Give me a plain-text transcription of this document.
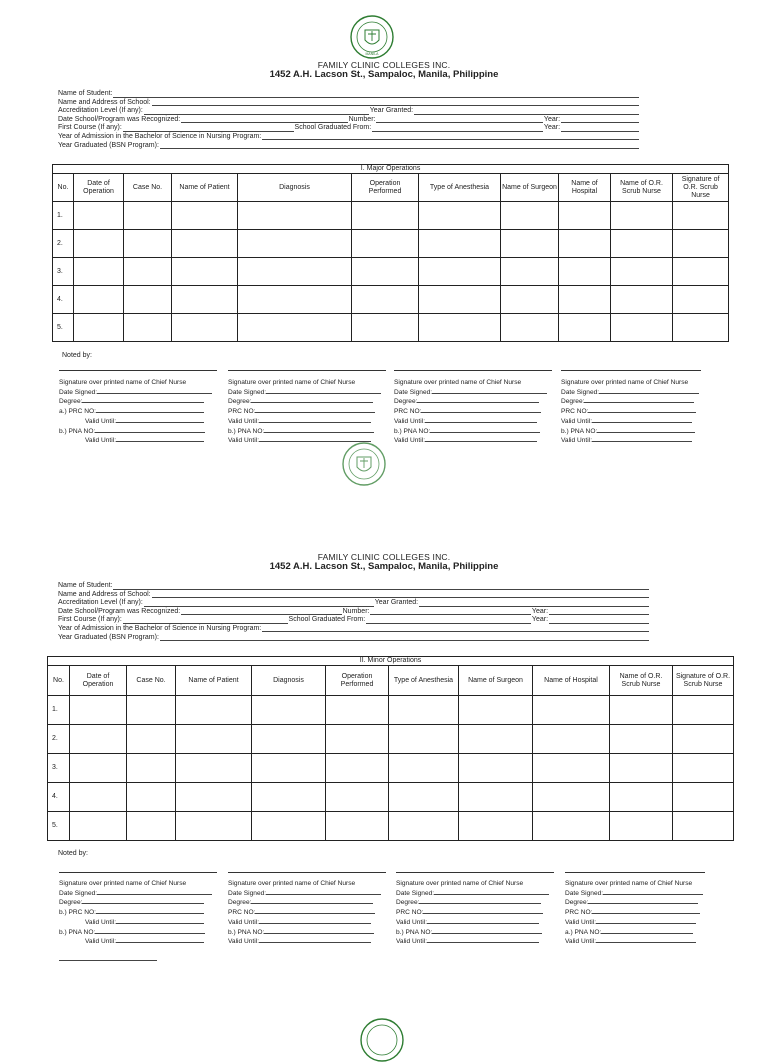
MANILA
FAMILY CLINIC COLLEGES INC.
1452 A.H. Lacson St., Sampaloc, Manila, Philippine
Name of Student:
Name and Address of School:
Accreditation Level (If any):	Year Granted:
Date School/Program was Recognized:	Number:	Year:
First Course (If any):	School Graduated From:	Year:
Year of Admission in the Bachelor of Science in Nursing Program:
Year Graduated (BSN Program):
I. Major Operations										
No.	Date of Operation	Case No.	Name of Patient	Diagnosis	Operation Performed	Type of Anesthesia	Name of Surgeon	Name of Hospital	Name of O.R. Scrub Nurse	Signature of O.R. Scrub Nurse
1.										
2.										
3.										
4.										
5.										
Noted by:
Signature over printed name of Chief Nurse
Date Signed:
Degree:
a.) PRC NO:
Valid Until:
b.) PNA NO:
Valid Until:
Signature over printed name of Chief Nurse
Date Signed:
Degree:
PRC NO:
Valid Until:
b.) PNA NO:
Valid Until:
Signature over printed name of Chief Nurse
Date Signed:
Degree:
PRC NO:
Valid Until:
b.) PNA NO:
Valid Until:
Signature over printed name of Chief Nurse
Date Signed:
Degree:
PRC NO:
Valid Until:
b.) PNA NO:
Valid Until:
FAMILY CLINIC COLLEGES INC.
1452 A.H. Lacson St., Sampaloc, Manila, Philippine
Name of Student:
Name and Address of School:
Accreditation Level (If any):	Year Granted:
Date School/Program was Recognized:	Number:	Year:
First Course (If any):	School Graduated From:	Year:
Year of Admission in the Bachelor of Science in Nursing Program:
Year Graduated (BSN Program):
II. Minor Operations										
No.	Date of Operation	Case No.	Name of Patient	Diagnosis	Operation Performed	Type of Anesthesia	Name of Surgeon	Name of Hospital	Name of O.R. Scrub Nurse	Signature of O.R. Scrub Nurse
1.										
2.										
3.										
4.										
5.										
Noted by:
Signature over printed name of Chief Nurse
Date Signed:
Degree:
b.) PRC NO:
Valid Until:
b.) PNA NO:
Valid Until:
Signature over printed name of Chief Nurse
Date Signed:
Degree:
PRC NO:
Valid Until:
b.) PNA NO:
Valid Until:
Signature over printed name of Chief Nurse
Date Signed:
Degree:
PRC NO:
Valid Until:
b.) PNA NO:
Valid Until:
Signature over printed name of Chief Nurse
Date Signed:
Degree:
PRC NO:
Valid Until:
a.) PNA NO:
Valid Until:
